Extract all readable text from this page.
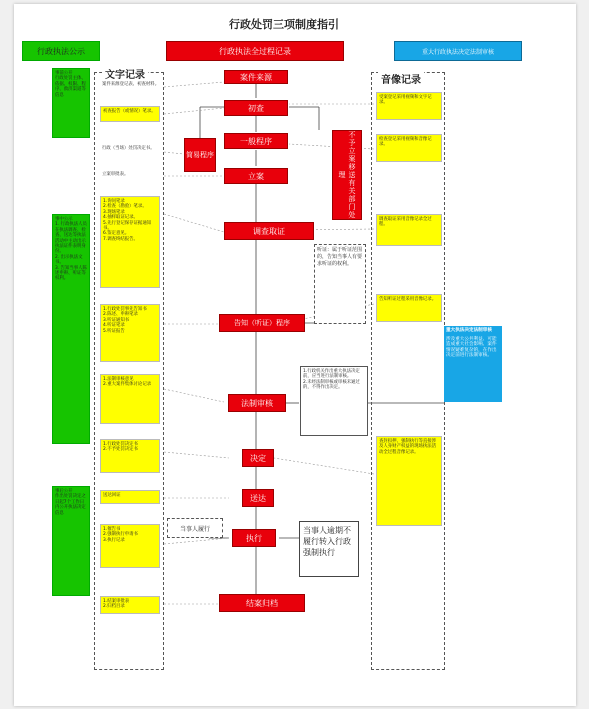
行政处罚三项制度指引
行政执法公示	行政执法全过程记录	重大行政执法决定法制审核
文字记录	音像记录
事前公开
行政处罚主体、依据、权限、程序、救济渠道等信息
事中公示
1. 行政执法人员在执法调查、检查、送达等执法活动中主动出示执法证件表明身份。
2. 出示执法文书。
3. 告知当事人陈述申辩、听证等权利。
事后公开
作出处罚决定之日起7个工作日内公开执法决定信息
案件来源登记表、初查材料。
初查报告（或情况）笔录。
行政（当场）处罚决定书。
立案审批表。
1.询问笔录
2.检查（勘验）笔录。
3.现场笔录
4.抽样取证记录。
5.先行登记保存证据通知书。
6.鉴定意见。
7.调查终结报告。
1.行政处罚事先告知书
2.陈述、申辩笔录
3.听证通知书
4.听证笔录
5.听证报告
1.法制审核意见
2.重大案件集体讨论记录
1.行政处罚决定书
2.不予处罚决定书
送达回证
1.催告书
2.强制执行申请书
3.执行记录
1.结案审批表
2.归档目录
受案登记采用视频和文字记录。
检查登记采用视频和音像记录。
调查取证采用音像记录全过程。
告知听证过程采用音像记录。
查封扣押、强制执行等直接涉及人身财产权益的现场执法活动全过程音像记录。
案件来源
初查
一般程序
简易程序	不予立案移送有关部门处理
立案
调查取证
告知（听证）程序
法制审核
决定
送达
执行
结案归档
听证：属于听证范围的，告知当事人有要求听证的权利。
1.行政机关作出重大执法决定前，应当进行法制审核。
2.未经法制审核或审核未通过的，不得作出决定。
重大执法决定法制审核
涉及重大公共利益、可能造成重大社会影响、案件情况疑难复杂的，在作出决定前进行法制审核。
当事人履行	当事人逾期不履行转入行政强制执行
